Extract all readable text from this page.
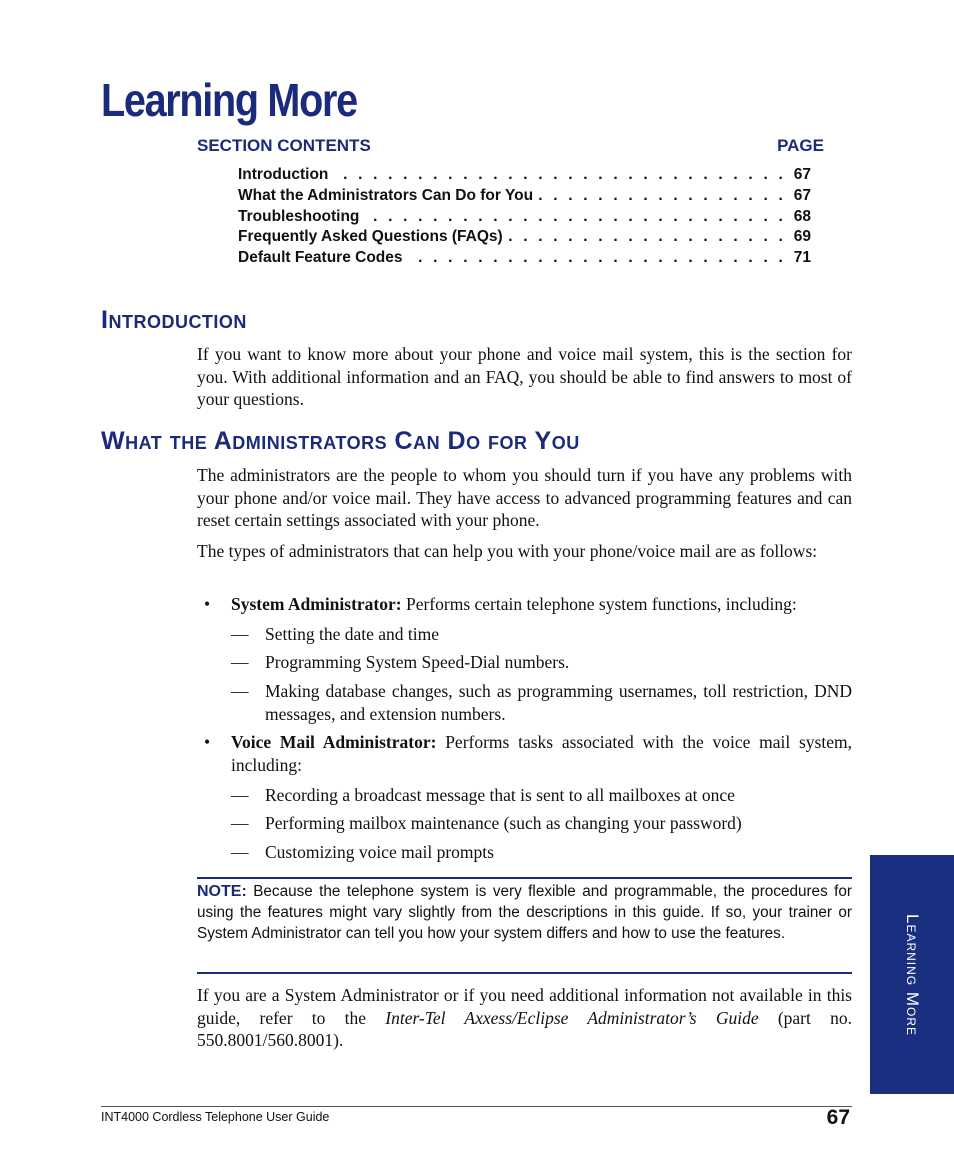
Learning More
SECTION CONTENTS	PAGE
. . .
Introduction	67
. . .
What the Administrators Can Do for You	67
. . .
Troubleshooting	68
. . .
Frequently Asked Questions (FAQs)	69
. . .
Default Feature Codes	71
Introduction

If you want to know more about your phone and voice mail system, this is the section for you. With additional information and an FAQ, you should be able to find answers to most of your questions.

What the Administrators Can Do for You

The administrators are the people to whom you should turn if you have any problems with your phone and/or voice mail. They have access to advanced programming features and can reset certain settings associated with your phone.

The types of administrators that can help you with your phone/voice mail are as follows:

• System Administrator: Performs certain telephone system functions, including:
— Setting the date and time
— Programming System Speed-Dial numbers.
— Making database changes, such as programming usernames, toll restriction, DND messages, and extension numbers.
• Voice Mail Administrator: Performs tasks associated with the voice mail system, including:
— Recording a broadcast message that is sent to all mailboxes at once
— Performing mailbox maintenance (such as changing your password)
— Customizing voice mail prompts
NOTE: Because the telephone system is very flexible and programmable, the procedures for using the features might vary slightly from the descriptions in this guide. If so, your trainer or System Administrator can tell you how your system differs and how to use the features.

If you are a System Administrator or if you need additional information not available in this guide, refer to the Inter-Tel Axxess/Eclipse Administrator’s Guide (part no. 550.8001/560.8001).

Learning More
INT4000 Cordless Telephone User Guide	67
